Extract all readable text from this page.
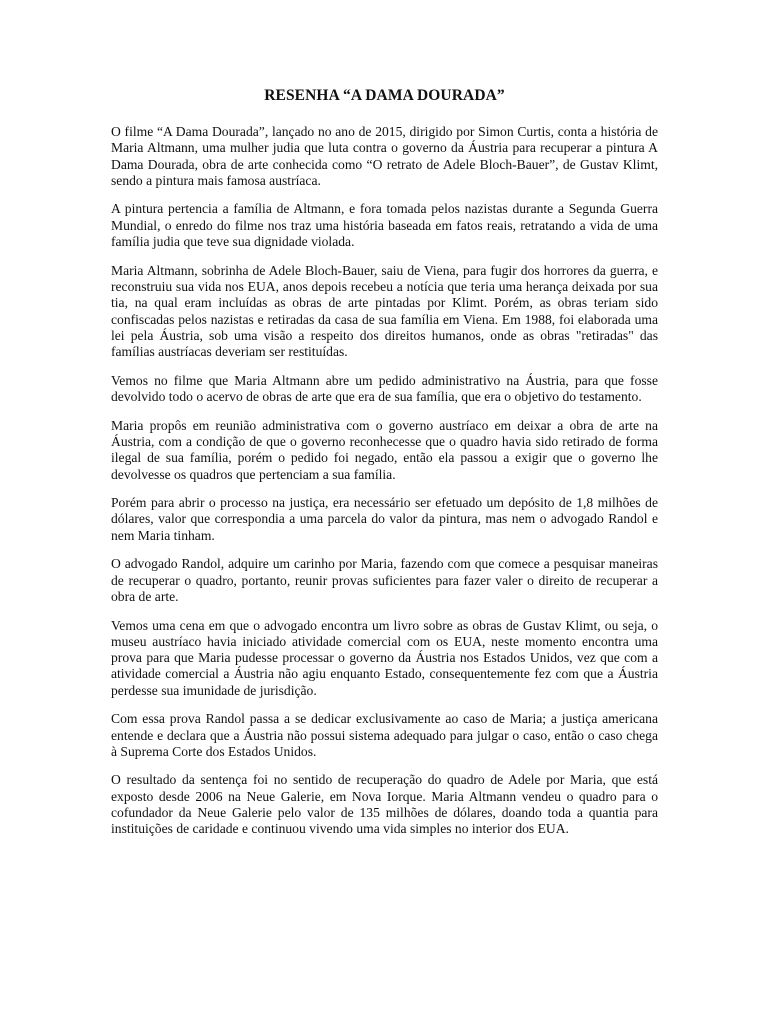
RESENHA “A DAMA DOURADA”

O filme “A Dama Dourada”, lançado no ano de 2015, dirigido por Simon Curtis, conta a história de Maria Altmann, uma mulher judia que luta contra o governo da Áustria para recuperar a pintura A Dama Dourada, obra de arte conhecida como “O retrato de Adele Bloch-Bauer”, de Gustav Klimt, sendo a pintura mais famosa austríaca.

A pintura pertencia a família de Altmann, e fora tomada pelos nazistas durante a Segunda Guerra Mundial, o enredo do filme nos traz uma história baseada em fatos reais, retratando a vida de uma família judia que teve sua dignidade violada.

Maria Altmann, sobrinha de Adele Bloch-Bauer, saiu de Viena, para fugir dos horrores da guerra, e reconstruiu sua vida nos EUA, anos depois recebeu a notícia que teria uma herança deixada por sua tia, na qual eram incluídas as obras de arte pintadas por Klimt. Porém, as obras teriam sido confiscadas pelos nazistas e retiradas da casa de sua família em Viena. Em 1988, foi elaborada uma lei pela Áustria, sob uma visão a respeito dos direitos humanos, onde as obras "retiradas" das famílias austríacas deveriam ser restituídas.

Vemos no filme que Maria Altmann abre um pedido administrativo na Áustria, para que fosse devolvido todo o acervo de obras de arte que era de sua família, que era o objetivo do testamento.

Maria propôs em reunião administrativa com o governo austríaco em deixar a obra de arte na Áustria, com a condição de que o governo reconhecesse que o quadro havia sido retirado de forma ilegal de sua família, porém o pedido foi negado, então ela passou a exigir que o governo lhe devolvesse os quadros que pertenciam a sua família.

Porém para abrir o processo na justiça, era necessário ser efetuado um depósito de 1,8 milhões de dólares, valor que correspondia a uma parcela do valor da pintura, mas nem o advogado Randol e nem Maria tinham.

O advogado Randol, adquire um carinho por Maria, fazendo com que comece a pesquisar maneiras de recuperar o quadro, portanto, reunir provas suficientes para fazer valer o direito de recuperar a obra de arte.

Vemos uma cena em que o advogado encontra um livro sobre as obras de Gustav Klimt, ou seja, o museu austríaco havia iniciado atividade comercial com os EUA, neste momento encontra uma prova para que Maria pudesse processar o governo da Áustria nos Estados Unidos, vez que com a atividade comercial a Áustria não agiu enquanto Estado, consequentemente fez com que a Áustria perdesse sua imunidade de jurisdição.

Com essa prova Randol passa a se dedicar exclusivamente ao caso de Maria; a justiça americana entende e declara que a Áustria não possui sistema adequado para julgar o caso, então o caso chega à Suprema Corte dos Estados Unidos.

O resultado da sentença foi no sentido de recuperação do quadro de Adele por Maria, que está exposto desde 2006 na Neue Galerie, em Nova Iorque. Maria Altmann vendeu o quadro para o cofundador da Neue Galerie pelo valor de 135 milhões de dólares, doando toda a quantia para instituições de caridade e continuou vivendo uma vida simples no interior dos EUA.
